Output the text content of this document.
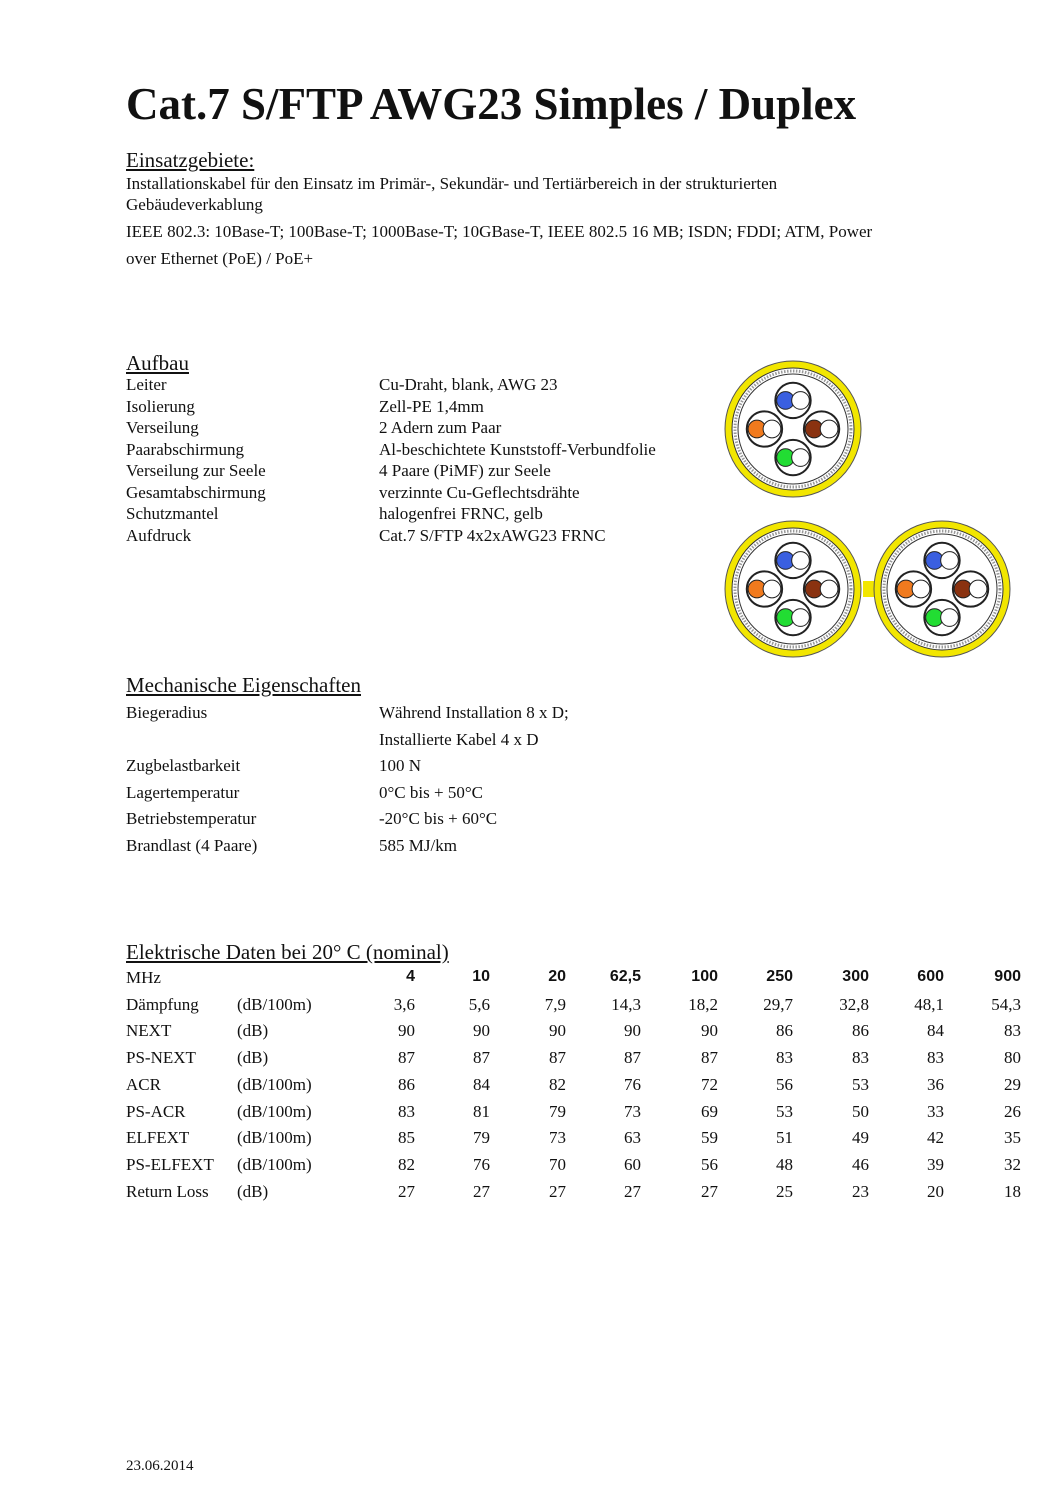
Cat.7 S/FTP AWG23 Simples / Duplex
Einsatzgebiete:
Installationskabel für den Einsatz im Primär-, Sekundär- und Tertiärbereich in der strukturierten
Gebäudeverkablung
IEEE 802.3: 10Base-T; 100Base-T; 1000Base-T; 10GBase-T, IEEE 802.5 16 MB; ISDN; FDDI; ATM, Power
over Ethernet (PoE) / PoE+
Aufbau
Leiter	Cu-Draht, blank, AWG 23
Isolierung	Zell-PE 1,4mm
Verseilung	2 Adern zum Paar
Paarabschirmung	Al-beschichtete Kunststoff-Verbundfolie
Verseilung zur Seele	4 Paare (PiMF) zur Seele
Gesamtabschirmung	verzinnte Cu-Geflechtsdrähte
Schutzmantel	halogenfrei FRNC, gelb
Aufdruck	Cat.7 S/FTP 4x2xAWG23 FRNC
Mechanische Eigenschaften
Biegeradius	Während Installation 8 x D;
Installierte Kabel 4 x D
Zugbelastbarkeit	100 N
Lagertemperatur	0°C bis + 50°C
Betriebstemperatur	-20°C bis + 60°C
Brandlast (4 Paare)	585 MJ/km
Elektrische Daten bei 20° C (nominal)
MHz	4	10	20	62,5	100	250	300	600	900
Dämpfung (dB/100m)	3,6	5,6	7,9	14,3	18,2	29,7	32,8	48,1	54,3
NEXT	(dB)	90	90	90	90	90	86	86	84	83
PS-NEXT (dB)	87	87	87	87	87	83	83	83	80
ACR	(dB/100m)	86	84	82	76	72	56	53	36	29
PS-ACR	(dB/100m)	83	81	79	73	69	53	50	33	26
ELFEXT	(dB/100m)	85	79	73	63	59	51	49	42	35
PS-ELFEXT (dB/100m)	82	76	70	60	56	48	46	39	32
Return Loss (dB)	27	27	27	27	27	25	23	20	18
23.06.2014
